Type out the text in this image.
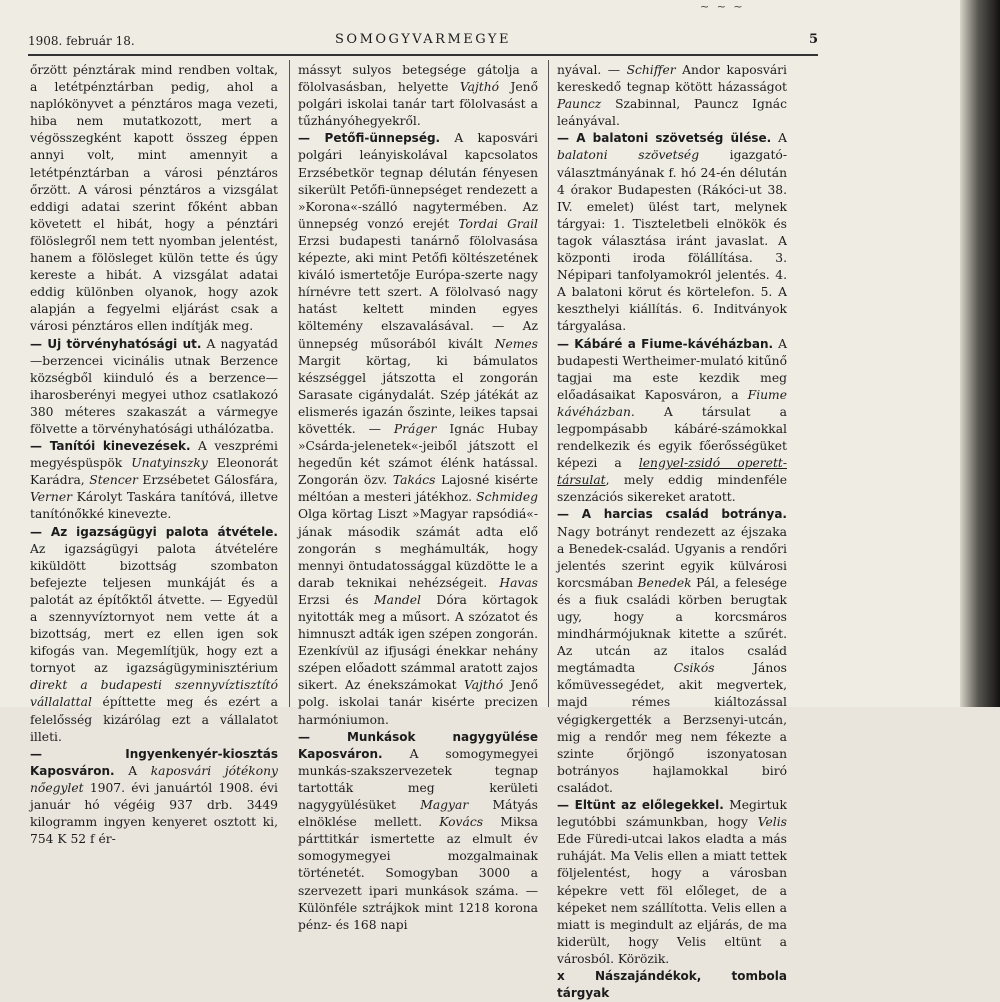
~ ~ ~
1908. február 18.	SOMOGYVARMEGYE	5

őrzött pénztárak mind rendben voltak, a letétpénztárban pedig, ahol a naplókönyvet a pénztáros maga vezeti, hiba nem mutatkozott, mert a végösszegként kapott összeg éppen annyi volt, mint amennyit a letétpénztárban a városi pénztáros őrzött. A városi pénztáros a vizsgálat eddigi adatai szerint főként abban követett el hibát, hogy a pénztári fölöslegről nem tett nyomban jelentést, hanem a fölösleget külön tette és úgy kereste a hibát. A vizsgálat adatai eddig különben olyanok, hogy azok alapján a fegyelmi eljárást csak a városi pénztáros ellen indítják meg.

— Uj törvényhatósági ut. A nagyatád—berzencei vicinális utnak Berzence községből kiinduló és a berzence—iharosberényi megyei uthoz csatlakozó 380 méteres szakaszát a vármegye fölvette a törvényhatósági uthálózatba.

— Tanítói kinevezések. A veszprémi megyéspüspök Unatyinszky Eleonorát Karádra, Stencer Erzsébetet Gálosfára, Verner Károlyt Taskára tanítóvá, illetve tanítónőkké kinevezte.

— Az igazságügyi palota átvétele. Az igazságügyi palota átvételére kiküldött bizottság szombaton befejezte teljesen munkáját és a palotát az építőktől átvette. — Egyedül a szennyvíztornyot nem vette át a bizottság, mert ez ellen igen sok kifogás van. Megemlítjük, hogy ezt a tornyot az igazságügyminisztérium direkt a budapesti szennyvíztisztító vállalattal építtette meg és ezért a felelősség kizárólag ezt a vállalatot illeti.

— Ingyenkenyér-kiosztás Kaposváron. A kaposvári jótékony nőegylet 1907. évi januártól 1908. évi január hó végéig 937 drb. 3449 kilogramm ingyen kenyeret osztott ki, 754 K 52 f ér-

mássyt sulyos betegsége gátolja a fölolvasásban, helyette Vajthó Jenő polgári iskolai tanár tart fölolvasást a tűzhányóhegyekről.

— Petőfi-ünnepség. A kaposvári polgári leányiskolával kapcsolatos Erzsébetkör tegnap délután fényesen sikerült Petőfi-ünnepséget rendezett a »Korona«-szálló nagytermében. Az ünnepség vonzó erejét Tordai Grail Erzsi budapesti tanárnő fölolvasása képezte, aki mint Petőfi költészetének kiváló ismertetője Európa-szerte nagy hírnévre tett szert. A fölolvasó nagy hatást keltett minden egyes költemény elszavalásával. — Az ünnepség műsorából kivált Nemes Margit körtag, ki bámulatos készséggel játszotta el zongorán Sarasate cigánydalát. Szép játékát az elismerés igazán őszinte, leikes tapsai követték. — Práger Ignác Hubay »Csárda-jelenetek«-jeiből játszott el hegedűn két számot élénk hatással. Zongorán özv. Takács Lajosné kisérte méltóan a mesteri játékhoz. Schmideg Olga körtag Liszt »Magyar rapsódiá«-jának második számát adta elő zongorán s meghámulták, hogy mennyi öntudatossággal küzdötte le a darab teknikai nehézségeit. Havas Erzsi és Mandel Dóra körtagok nyitották meg a műsort. A szózatot és himnuszt adták igen szépen zongorán. Ezenkívül az ifjusági énekkar nehány szépen előadott számmal aratott zajos sikert. Az énekszámokat Vajthó Jenő polg. iskolai tanár kisérte precizen harmóniumon.

— Munkások nagygyülése Kaposváron. A somogymegyei munkás-szakszervezetek tegnap tartották meg kerületi nagygyülésüket Magyar Mátyás elnöklése mellett. Kovács Miksa párttitkár ismertette az elmult év somogymegyei mozgalmainak történetét. Somogyban 3000 a szervezett ipari munkások száma. — Különféle sztrájkok mint 1218 korona pénz- és 168 napi

nyával. — Schiffer Andor kaposvári kereskedő tegnap kötött házasságot Pauncz Szabinnal, Pauncz Ignác leányával.

— A balatoni szövetség ülése. A balatoni szövetség igazgató-választmányának f. hó 24-én délután 4 órakor Budapesten (Rákóci-ut 38. IV. emelet) ülést tart, melynek tárgyai: 1. Tiszteletbeli elnökök és tagok választása iránt javaslat. A központi iroda fölállítása. 3. Népipari tanfolyamokról jelentés. 4. A balatoni körut és körtelefon. 5. A keszthelyi kiállítás. 6. Inditványok tárgyalása.

— Kábáré a Fiume-kávéházban. A budapesti Wertheimer-mulató kitűnő tagjai ma este kezdik meg előadásaikat Kaposváron, a Fiume kávéházban. A társulat a legpompásabb kábáré-számokkal rendelkezik és egyik főerősségüket képezi a lengyel-zsidó operett-társulat, mely eddig mindenféle szenzációs sikereket aratott.

— A harcias család botránya. Nagy botrányt rendezett az éjszaka a Benedek-család. Ugyanis a rendőri jelentés szerint egyik külvárosi korcsmában Benedek Pál, a felesége és a fiuk családi körben berugtak ugy, hogy a korcsmáros mindhármójuknak kitette a szűrét. Az utcán az italos család megtámadta Csikós János kőmüvessegédet, akit megvertek, majd rémes kiáltozással végigkergették a Berzsenyi-utcán, mig a rendőr meg nem fékezte a szinte őrjöngő iszonyatosan botrányos hajlamokkal biró családot.

— Eltünt az előlegekkel. Megirtuk legutóbbi számunkban, hogy Velis Ede Füredi-utcai lakos eladta a más ruháját. Ma Velis ellen a miatt tettek följelentést, hogy a városban képekre vett föl előleget, de a képeket nem szállította. Velis ellen a miatt is megindult az eljárás, de ma kiderült, hogy Velis eltünt a városból. Körözik.

x Nászajándékok, tombola tárgyak
